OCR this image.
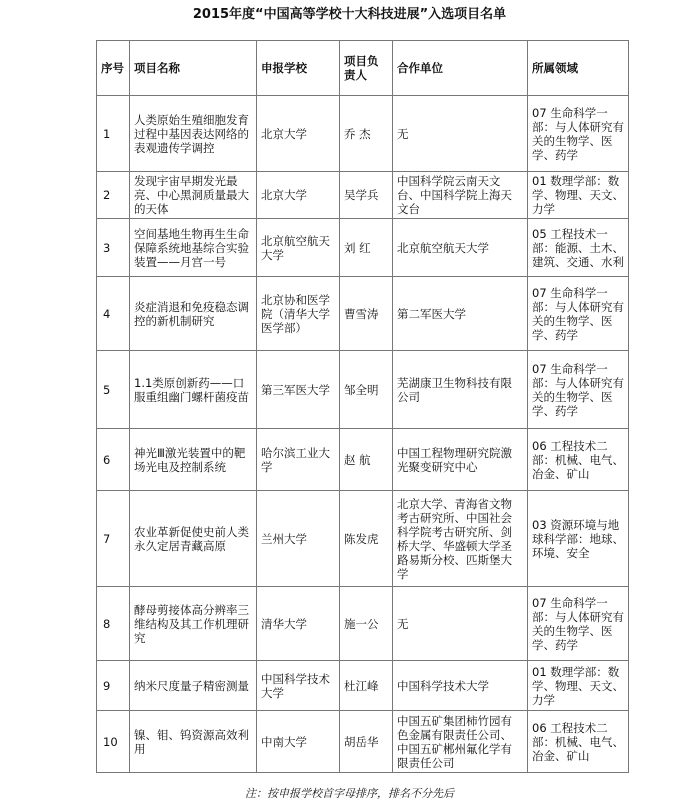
2015年度“中国高等学校十大科技进展”入选项目名单
序号	项目名称	申报学校	项目负责人	合作单位	所属领域
1	人类原始生殖细胞发育过程中基因表达网络的表观遗传学调控	北京大学	乔 杰	无	07 生命科学一部：与人体研究有关的生物学、医学、药学
2	发现宇宙早期发光最亮、中心黑洞质量最大的天体	北京大学	吴学兵	中国科学院云南天文台、中国科学院上海天文台	01 数理学部：数学、物理、天文、力学
3	空间基地生物再生生命保障系统地基综合实验装置——月宫一号	北京航空航天大学	刘 红	北京航空航天大学	05 工程技术一部：能源、土木、建筑、交通、水利
4	炎症消退和免疫稳态调控的新机制研究	北京协和医学院（清华大学医学部）	曹雪涛	第二军医大学	07 生命科学一部：与人体研究有关的生物学、医学、药学
5	1.1类原创新药——口服重组幽门螺杆菌疫苗	第三军医大学	邹全明	芜湖康卫生物科技有限公司	07 生命科学一部：与人体研究有关的生物学、医学、药学
6	神光Ⅲ激光装置中的靶场光电及控制系统	哈尔滨工业大学	赵 航	中国工程物理研究院激光聚变研究中心	06 工程技术二部：机械、电气、冶金、矿山
7	农业革新促使史前人类永久定居青藏高原	兰州大学	陈发虎	北京大学、青海省文物考古研究所、中国社会科学院考古研究所、剑桥大学、华盛顿大学圣路易斯分校、匹斯堡大学	03 资源环境与地球科学部：地球、环境、安全
8	酵母剪接体高分辨率三维结构及其工作机理研究	清华大学	施一公	无	07 生命科学一部：与人体研究有关的生物学、医学、药学
9	纳米尺度量子精密测量	中国科学技术大学	杜江峰	中国科学技术大学	01 数理学部：数学、物理、天文、力学
10	镍、钼、钨资源高效利用	中南大学	胡岳华	中国五矿集团柿竹园有色金属有限责任公司、中国五矿郴州氟化学有限责任公司	06 工程技术二部：机械、电气、冶金、矿山
注：按申报学校首字母排序，排名不分先后
